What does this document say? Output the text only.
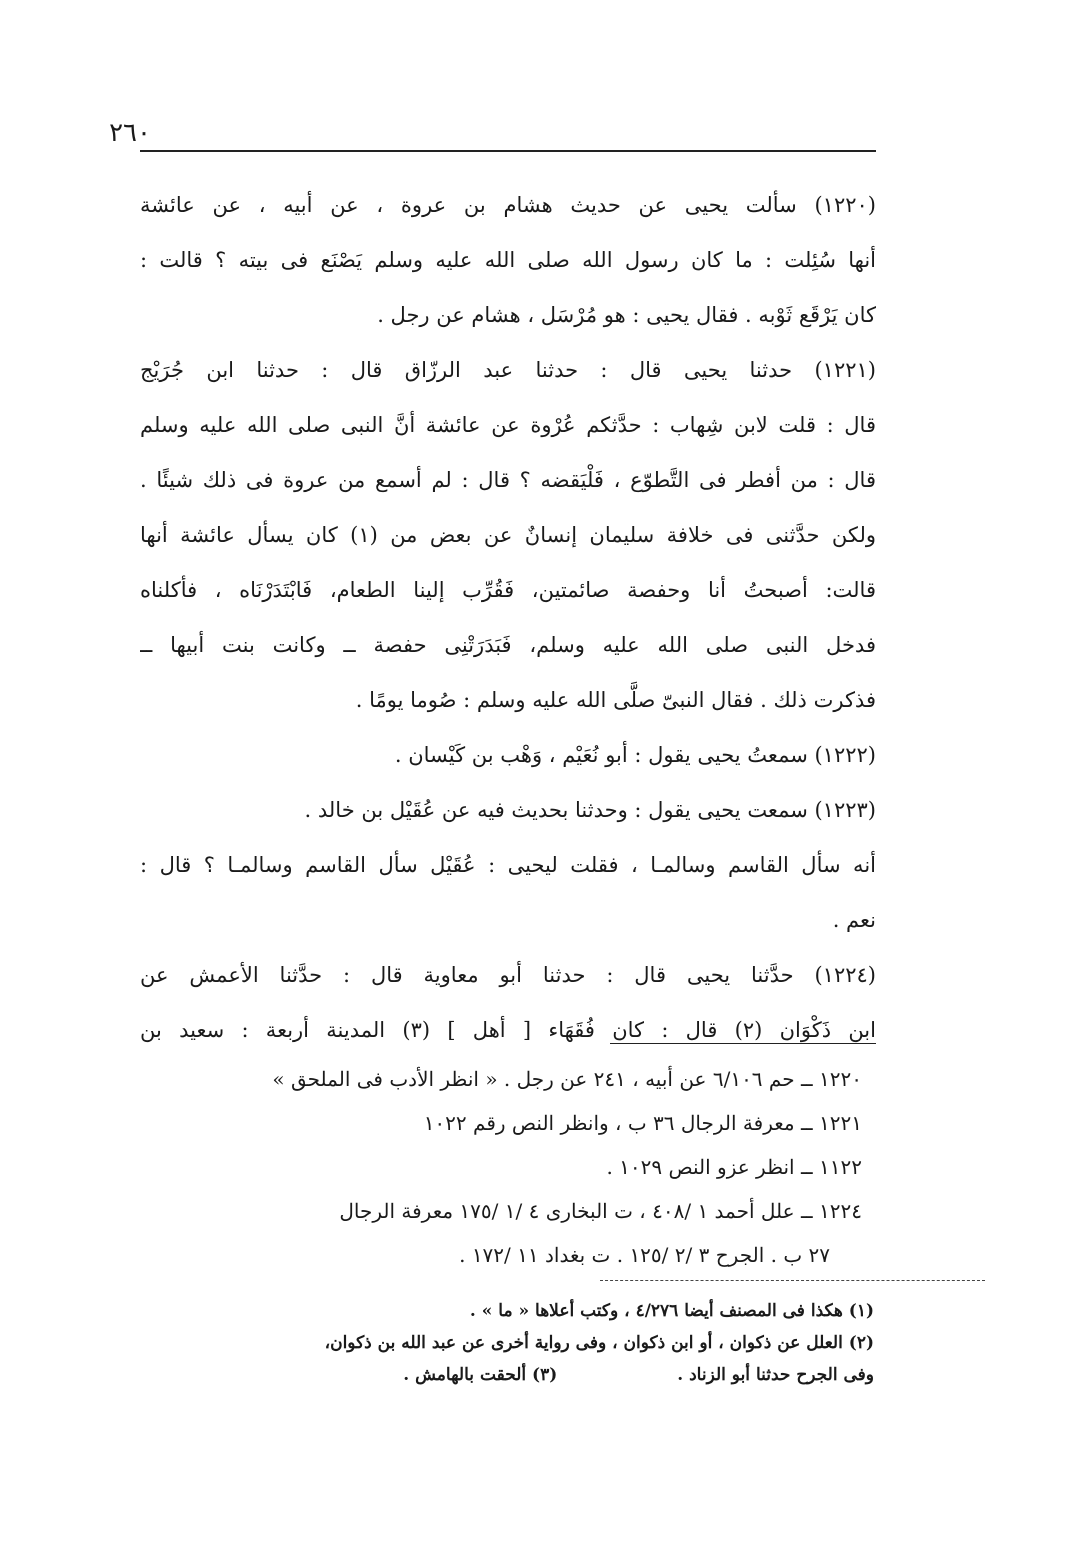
٢٦٠
(١٢٢٠) سألت يحيى عن حديث هشام بن عروة ، عن أبيه ، عن عائشة
أنها سُئِلت : ما كان رسول الله صلى الله عليه وسلم يَصْنَع فى بيته ؟ قالت :
كان يَرْقَع ثَوْبه . فقال يحيى : هو مُرْسَل ، هشام عن رجل .
(١٢٢١) حدثنا يحيى قال : حدثنا عبد الرزّاق قال : حدثنا ابن جُرَيْج
قال : قلت لابن شِهاب : حدَّثكم عُرْوة عن عائشة أنَّ النبى صلى الله عليه وسلم
قال : من أفطر فى التَّطوّع ، فَلْيَقضه ؟ قال : لم أسمع من عروة فى ذلك شيئًا .
ولكن حدَّثنى فى خلافة سليمان إنسانٌ عن بعض من (١) كان يسأل عائشة أنها
قالت: أصبحتُ أنا وحفصة صائمتين، فَقُرِّب إلينا الطعام، فَابْتَدَرْنَاه ، فأكلناه
فدخل النبى صلى الله عليه وسلم، فَبَدَرَتْنِى حفصة ــ وكانت بنت أبيها ــ
فذكرت ذلك . فقال النبىّ صلَّى الله عليه وسلم : صُوما يومًا .
(١٢٢٢) سمعتُ يحيى يقول : أبو نُعَيْم ، وَهْب بن كَيْسان .
(١٢٢٣) سمعت يحيى يقول : وحدثنا بحديث فيه عن عُقَيْل بن خالد .
أنه سأل القاسم وسالمـا ، فقلت ليحيى : عُقَيْل سأل القاسم وسالمـا ؟ قال :
نعم .
(١٢٢٤) حدَّثنا يحيى قال : حدثنا أبو معاوية قال : حدَّثنا الأعمش عن
ابن ذَكْوَان (٢) قال : كان فُقَهَاء [ أهل ] (٣) المدينة أربعة : سعيد بن
١٢٢٠ ــ حم ٦/١٠٦ عن أبيه ، ٢٤١ عن رجل . « انظر الأدب فى الملحق »
١٢٢١ ــ معرفة الرجال ٣٦ ب ، وانظر النص رقم ١٠٢٢
١١٢٢ ــ انظر عزو النص ١٠٢٩ .
١٢٢٤ ــ علل أحمد ١ /٤٠٨ ، ت البخارى ٤ /١ /١٧٥ معرفة الرجال
٢٧ ب . الجرح ٣ /٢ /١٢٥ . ت بغداد ١١ /١٧٢ .
(١) هكذا فى المصنف أيضا ٤/٢٧٦ ، وكتب أعلاها « ما » .
(٢) العلل عن ذكوان ، أو ابن ذكوان ، وفى رواية أخرى عن عبد الله بن ذكوان،
وفى الجرح حدثنا أبو الزناد .
(٣) ألحقت بالهامش .
